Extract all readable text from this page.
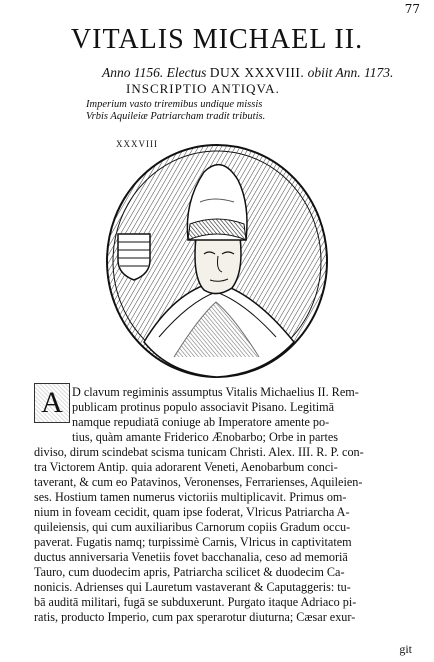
77
VITALIS MICHAEL II.
Anno 1156. Electus DUX XXXVIII. obiit Ann. 1173.
INSCRIPTIO ANTIQVA.
Imperium vasto triremibus undique missis
Vrbis Aquileiæ Patriarcham tradit tributis.
XXXVIII
A D clavum regiminis assumptus Vitalis Michaelius II. Rem-
publicam protinus populo associavit Pisano. Legitimā
namque repudiatā coniuge ab Imperatore amente po-
tius, quàm amante Friderico Ænobarbo; Orbe in partes
diviso, dirum scindebat scisma tunicam Christi. Alex. III. R. P. con-
tra Victorem Antip. quia adorarent Veneti, Aenobarbum conci-
taverant, & cum eo Patavinos, Veronenses, Ferrarienses, Aquileien-
ses. Hostium tamen numerus victoriis multiplicavit. Primus om-
nium in foveam cecidit, quam ipse foderat, Vlricus Patriarcha A-
quileiensis, qui cum auxiliaribus Carnorum copiis Gradum occu-
paverat. Fugatis namq; turpissimè Carnis, Vlricus in captivitatem
ductus anniversaria Venetiis fovet bacchanalia, ceso ad memoriā
Tauro, cum duodecim apris, Patriarcha scilicet & duodecim Ca-
nonicis. Adrienses qui Lauretum vastaverant & Caputaggeris: tu-
bā auditā militari, fugā se subduxerunt. Purgato itaque Adriaco pi-
ratis, producto Imperio, cum pax sperarotur diuturna; Cæsar exur-
git
